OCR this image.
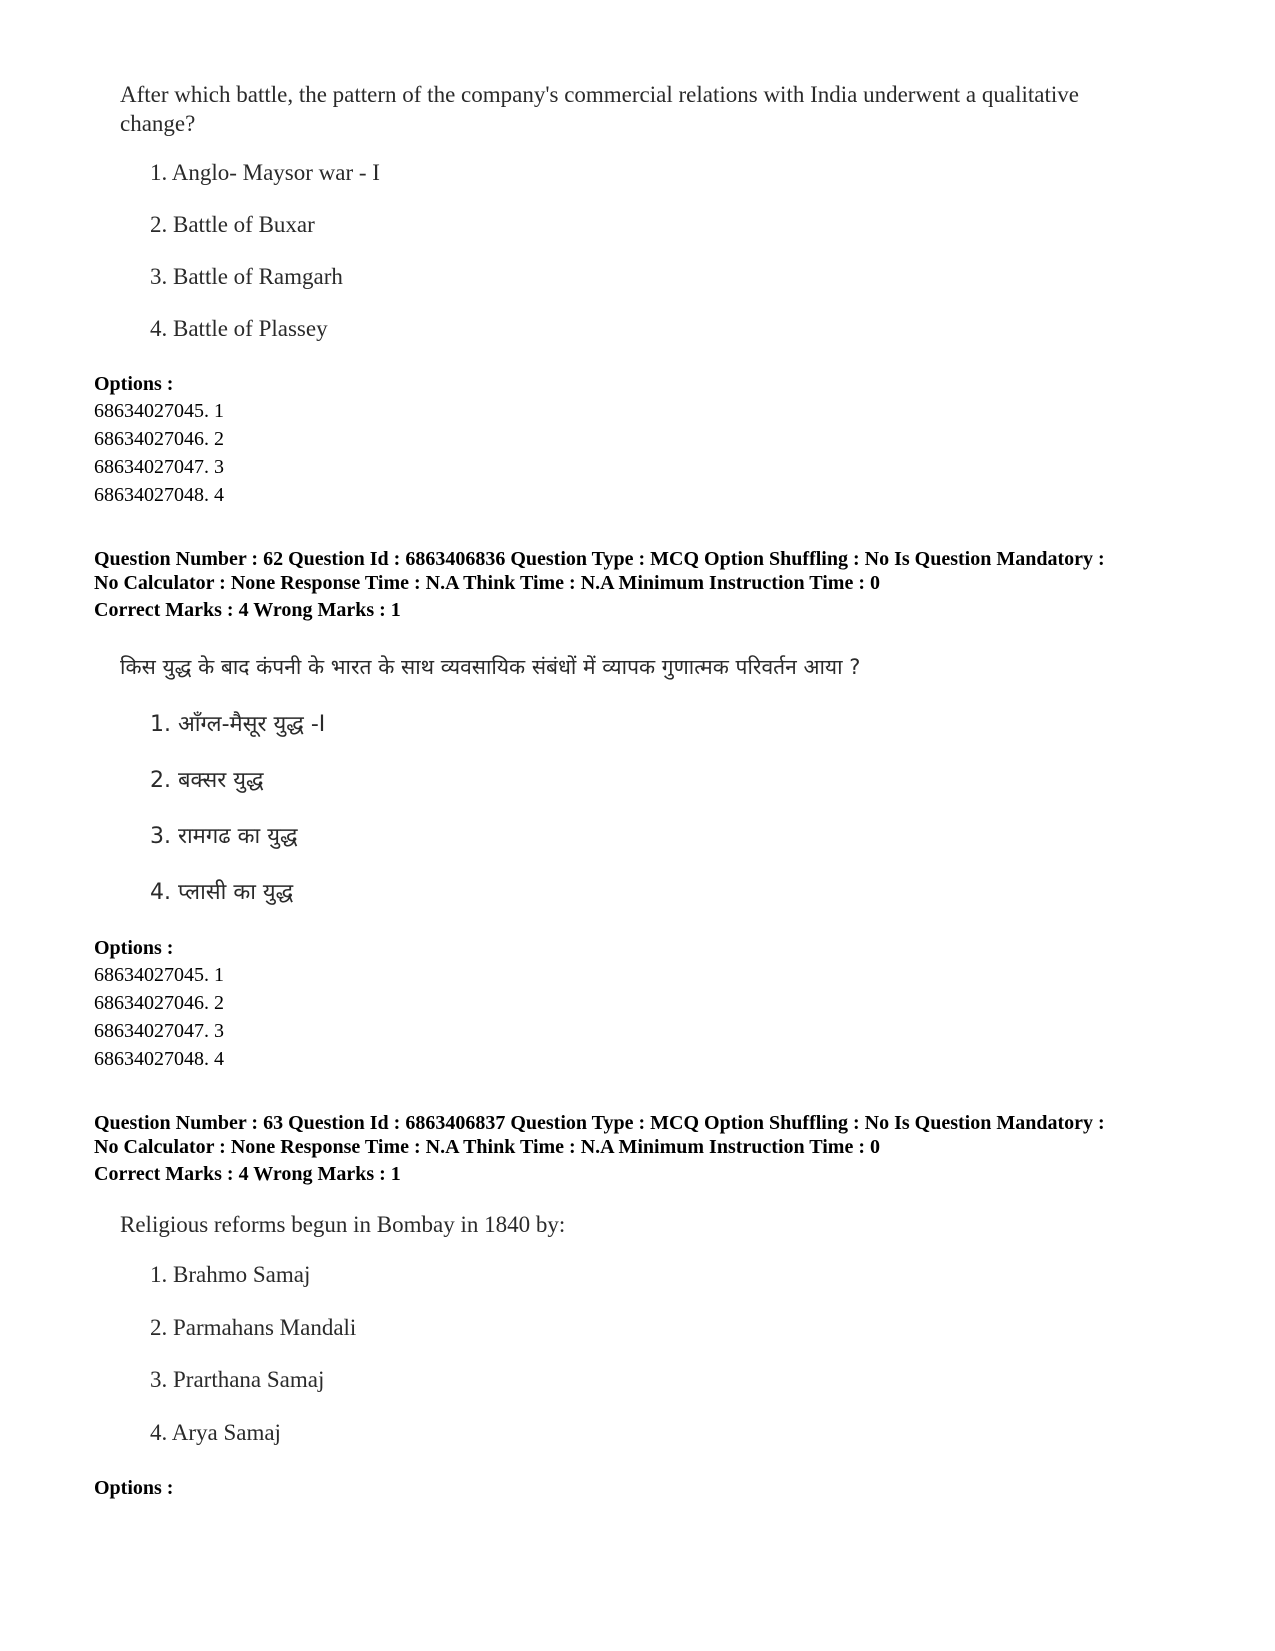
After which battle, the pattern of the company's commercial relations with India underwent a qualitative change?
1. Anglo- Maysor war - I
2. Battle of Buxar
3. Battle of Ramgarh
4. Battle of Plassey
Options :
68634027045. 1
68634027046. 2
68634027047. 3
68634027048. 4
Question Number : 62 Question Id : 6863406836 Question Type : MCQ Option Shuffling : No Is Question Mandatory :
No Calculator : None Response Time : N.A Think Time : N.A Minimum Instruction Time : 0
Correct Marks : 4 Wrong Marks : 1
किस युद्ध के बाद कंपनी के भारत के साथ व्यवसायिक संबंधों में व्यापक गुणात्मक परिवर्तन आया ?
1. आँग्ल-मैसूर युद्ध -I
2. बक्सर युद्ध
3. रामगढ का युद्ध
4. प्लासी का युद्ध
Options :
68634027045. 1
68634027046. 2
68634027047. 3
68634027048. 4
Question Number : 63 Question Id : 6863406837 Question Type : MCQ Option Shuffling : No Is Question Mandatory :
No Calculator : None Response Time : N.A Think Time : N.A Minimum Instruction Time : 0
Correct Marks : 4 Wrong Marks : 1
Religious reforms begun in Bombay in 1840 by:
1. Brahmo Samaj
2. Parmahans Mandali
3. Prarthana Samaj
4. Arya Samaj
Options :
